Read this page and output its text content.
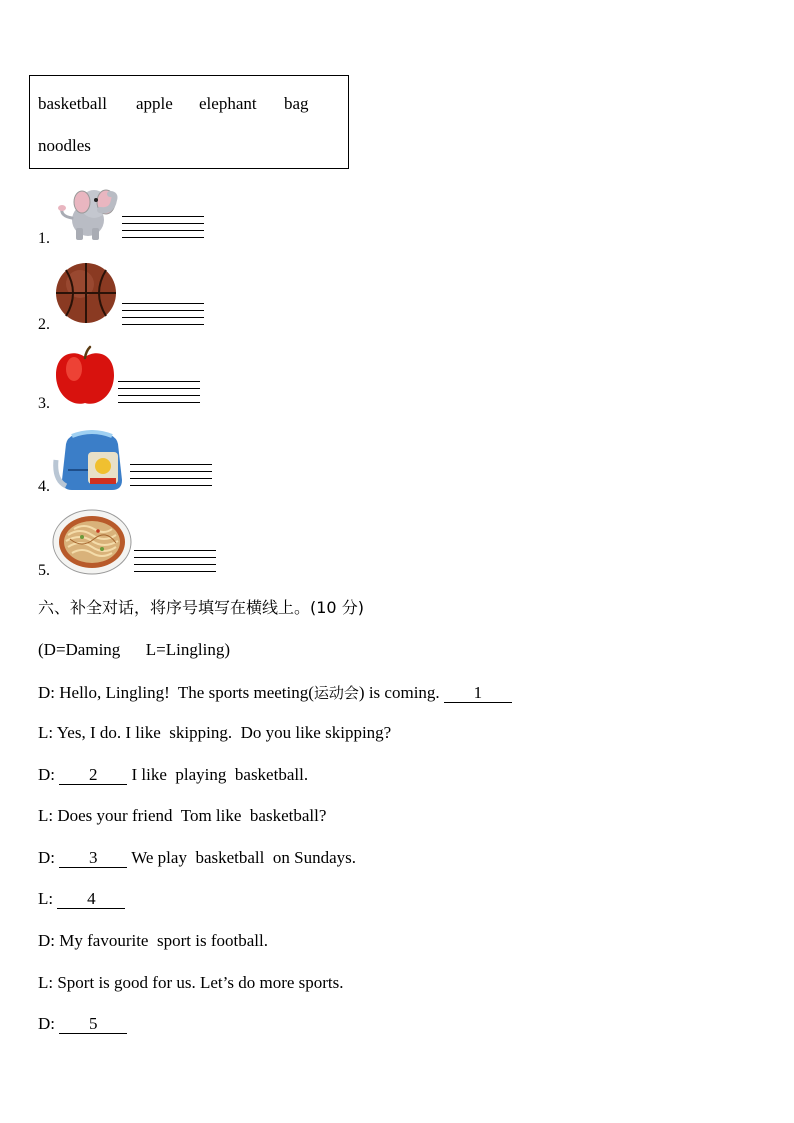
basketball apple elephant bag
noodles
1.
2.
3.
4.
5.
六、补全对话，将序号填写在横线上。(10 分)
(D=Daming      L=Lingling)
D: Hello, Lingling!  The sports meeting(运动会) is coming. 1
L: Yes, I do. I like  skipping.  Do you like skipping?
D: 2 I like  playing  basketball.
L: Does your friend  Tom like  basketball?
D: 3 We play  basketball  on Sundays.
L: 4
D: My favourite  sport is football.
L: Sport is good for us. Let’s do more sports.
D: 5
